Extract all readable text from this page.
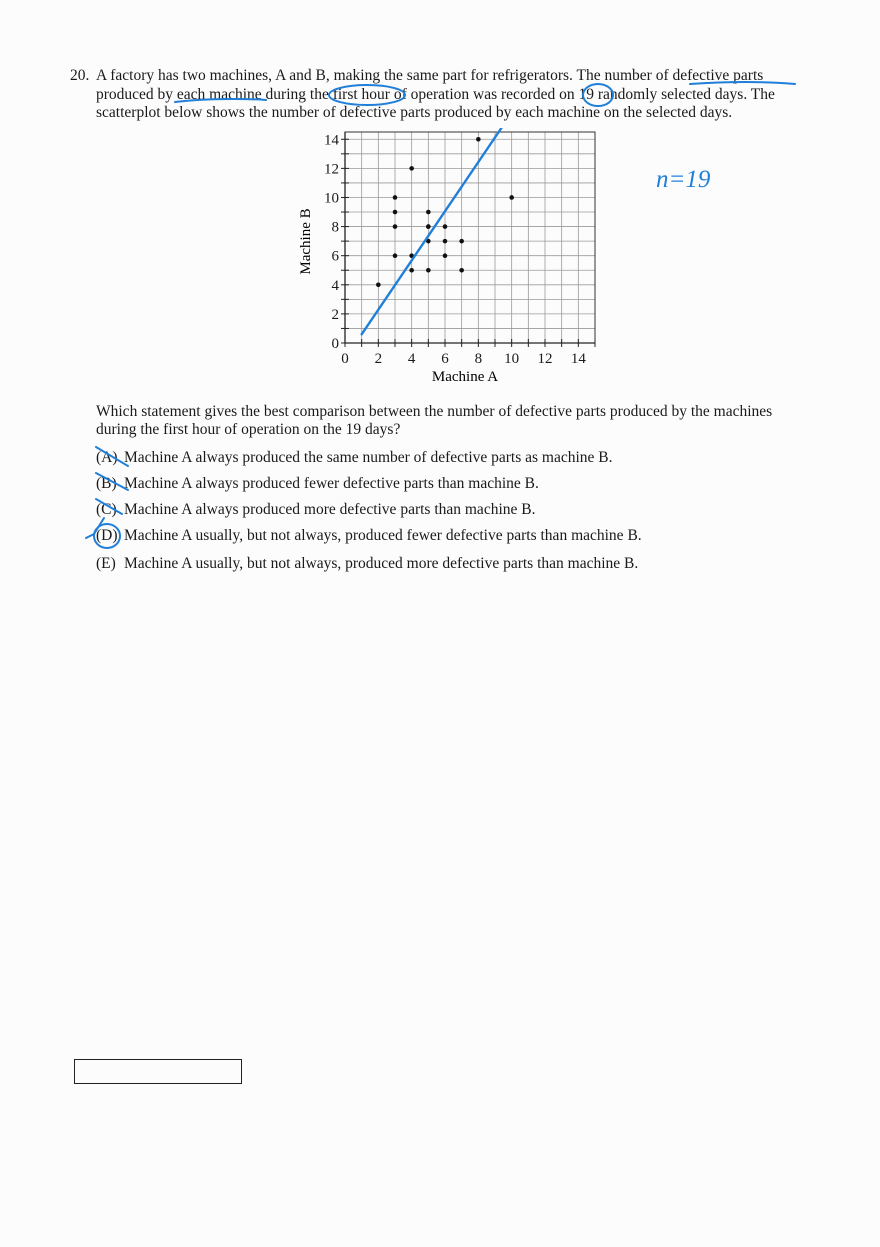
20. A factory has two machines, A and B, making the same part for refrigerators. The number of defective parts
produced by each machine during the first hour of operation was recorded on 19 randomly selected days. The
scatterplot below shows the number of defective parts produced by each machine on the selected days.
0 2 4 6 8 10 12 14
0
2
4
6
8
10
12
14
Machine A
Machine B
Which statement gives the best comparison between the number of defective parts produced by the machines
during the first hour of operation on the 19 days?
(A) Machine A always produced the same number of defective parts as machine B.
(B) Machine A always produced fewer defective parts than machine B.
(C) Machine A always produced more defective parts than machine B.
(D) Machine A usually, but not always, produced fewer defective parts than machine B.
(E) Machine A usually, but not always, produced more defective parts than machine B.
n=19
